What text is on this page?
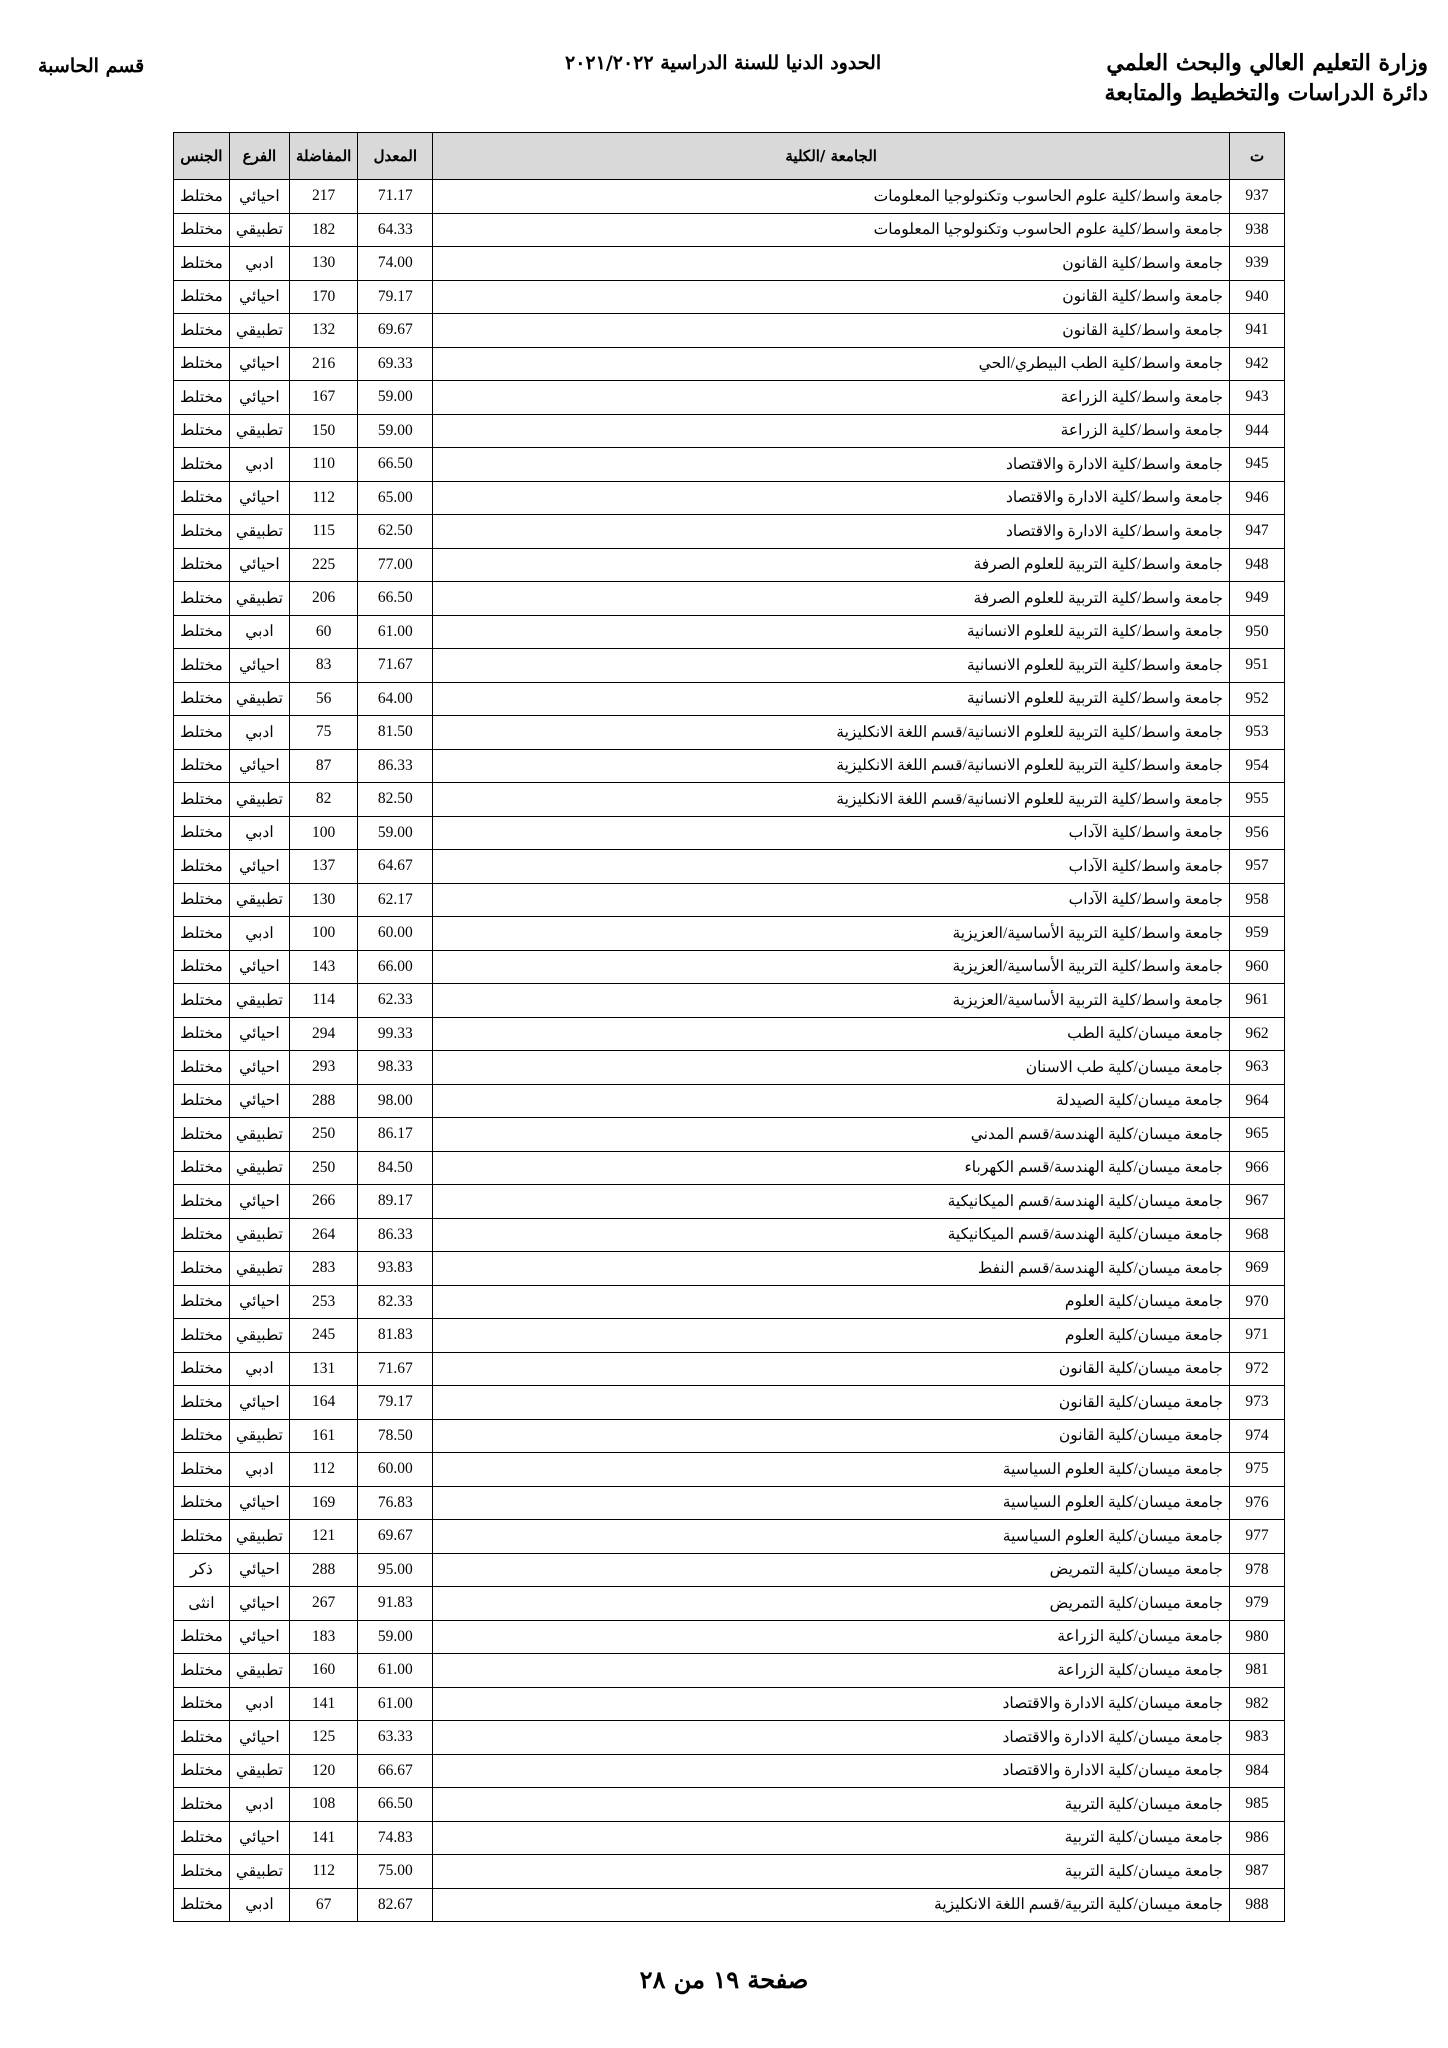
وزارة التعليم العالي والبحث العلمي
دائرة الدراسات والتخطيط والمتابعة
الحدود الدنيا للسنة الدراسية ٢٠٢١/٢٠٢٢
قسم الحاسبة
ت	الجامعة /الكلية	المعدل	المفاضلة	الفرع	الجنس
937	جامعة واسط/كلية علوم الحاسوب وتكنولوجيا المعلومات	71.17	217	احيائي	مختلط
938	جامعة واسط/كلية علوم الحاسوب وتكنولوجيا المعلومات	64.33	182	تطبيقي	مختلط
939	جامعة واسط/كلية القانون	74.00	130	ادبي	مختلط
940	جامعة واسط/كلية القانون	79.17	170	احيائي	مختلط
941	جامعة واسط/كلية القانون	69.67	132	تطبيقي	مختلط
942	جامعة واسط/كلية الطب البيطري/الحي	69.33	216	احيائي	مختلط
943	جامعة واسط/كلية الزراعة	59.00	167	احيائي	مختلط
944	جامعة واسط/كلية الزراعة	59.00	150	تطبيقي	مختلط
945	جامعة واسط/كلية الادارة والاقتصاد	66.50	110	ادبي	مختلط
946	جامعة واسط/كلية الادارة والاقتصاد	65.00	112	احيائي	مختلط
947	جامعة واسط/كلية الادارة والاقتصاد	62.50	115	تطبيقي	مختلط
948	جامعة واسط/كلية التربية للعلوم الصرفة	77.00	225	احيائي	مختلط
949	جامعة واسط/كلية التربية للعلوم الصرفة	66.50	206	تطبيقي	مختلط
950	جامعة واسط/كلية التربية للعلوم الانسانية	61.00	60	ادبي	مختلط
951	جامعة واسط/كلية التربية للعلوم الانسانية	71.67	83	احيائي	مختلط
952	جامعة واسط/كلية التربية للعلوم الانسانية	64.00	56	تطبيقي	مختلط
953	جامعة واسط/كلية التربية للعلوم الانسانية/قسم اللغة الانكليزية	81.50	75	ادبي	مختلط
954	جامعة واسط/كلية التربية للعلوم الانسانية/قسم اللغة الانكليزية	86.33	87	احيائي	مختلط
955	جامعة واسط/كلية التربية للعلوم الانسانية/قسم اللغة الانكليزية	82.50	82	تطبيقي	مختلط
956	جامعة واسط/كلية الآداب	59.00	100	ادبي	مختلط
957	جامعة واسط/كلية الآداب	64.67	137	احيائي	مختلط
958	جامعة واسط/كلية الآداب	62.17	130	تطبيقي	مختلط
959	جامعة واسط/كلية التربية الأساسية/العزيزية	60.00	100	ادبي	مختلط
960	جامعة واسط/كلية التربية الأساسية/العزيزية	66.00	143	احيائي	مختلط
961	جامعة واسط/كلية التربية الأساسية/العزيزية	62.33	114	تطبيقي	مختلط
962	جامعة ميسان/كلية الطب	99.33	294	احيائي	مختلط
963	جامعة ميسان/كلية طب الاسنان	98.33	293	احيائي	مختلط
964	جامعة ميسان/كلية الصيدلة	98.00	288	احيائي	مختلط
965	جامعة ميسان/كلية الهندسة/قسم المدني	86.17	250	تطبيقي	مختلط
966	جامعة ميسان/كلية الهندسة/قسم الكهرباء	84.50	250	تطبيقي	مختلط
967	جامعة ميسان/كلية الهندسة/قسم الميكانيكية	89.17	266	احيائي	مختلط
968	جامعة ميسان/كلية الهندسة/قسم الميكانيكية	86.33	264	تطبيقي	مختلط
969	جامعة ميسان/كلية الهندسة/قسم النفط	93.83	283	تطبيقي	مختلط
970	جامعة ميسان/كلية العلوم	82.33	253	احيائي	مختلط
971	جامعة ميسان/كلية العلوم	81.83	245	تطبيقي	مختلط
972	جامعة ميسان/كلية القانون	71.67	131	ادبي	مختلط
973	جامعة ميسان/كلية القانون	79.17	164	احيائي	مختلط
974	جامعة ميسان/كلية القانون	78.50	161	تطبيقي	مختلط
975	جامعة ميسان/كلية العلوم السياسية	60.00	112	ادبي	مختلط
976	جامعة ميسان/كلية العلوم السياسية	76.83	169	احيائي	مختلط
977	جامعة ميسان/كلية العلوم السياسية	69.67	121	تطبيقي	مختلط
978	جامعة ميسان/كلية التمريض	95.00	288	احيائي	ذكر
979	جامعة ميسان/كلية التمريض	91.83	267	احيائي	انثى
980	جامعة ميسان/كلية الزراعة	59.00	183	احيائي	مختلط
981	جامعة ميسان/كلية الزراعة	61.00	160	تطبيقي	مختلط
982	جامعة ميسان/كلية الادارة والاقتصاد	61.00	141	ادبي	مختلط
983	جامعة ميسان/كلية الادارة والاقتصاد	63.33	125	احيائي	مختلط
984	جامعة ميسان/كلية الادارة والاقتصاد	66.67	120	تطبيقي	مختلط
985	جامعة ميسان/كلية التربية	66.50	108	ادبي	مختلط
986	جامعة ميسان/كلية التربية	74.83	141	احيائي	مختلط
987	جامعة ميسان/كلية التربية	75.00	112	تطبيقي	مختلط
988	جامعة ميسان/كلية التربية/قسم اللغة الانكليزية	82.67	67	ادبي	مختلط
صفحة ١٩ من ٢٨
